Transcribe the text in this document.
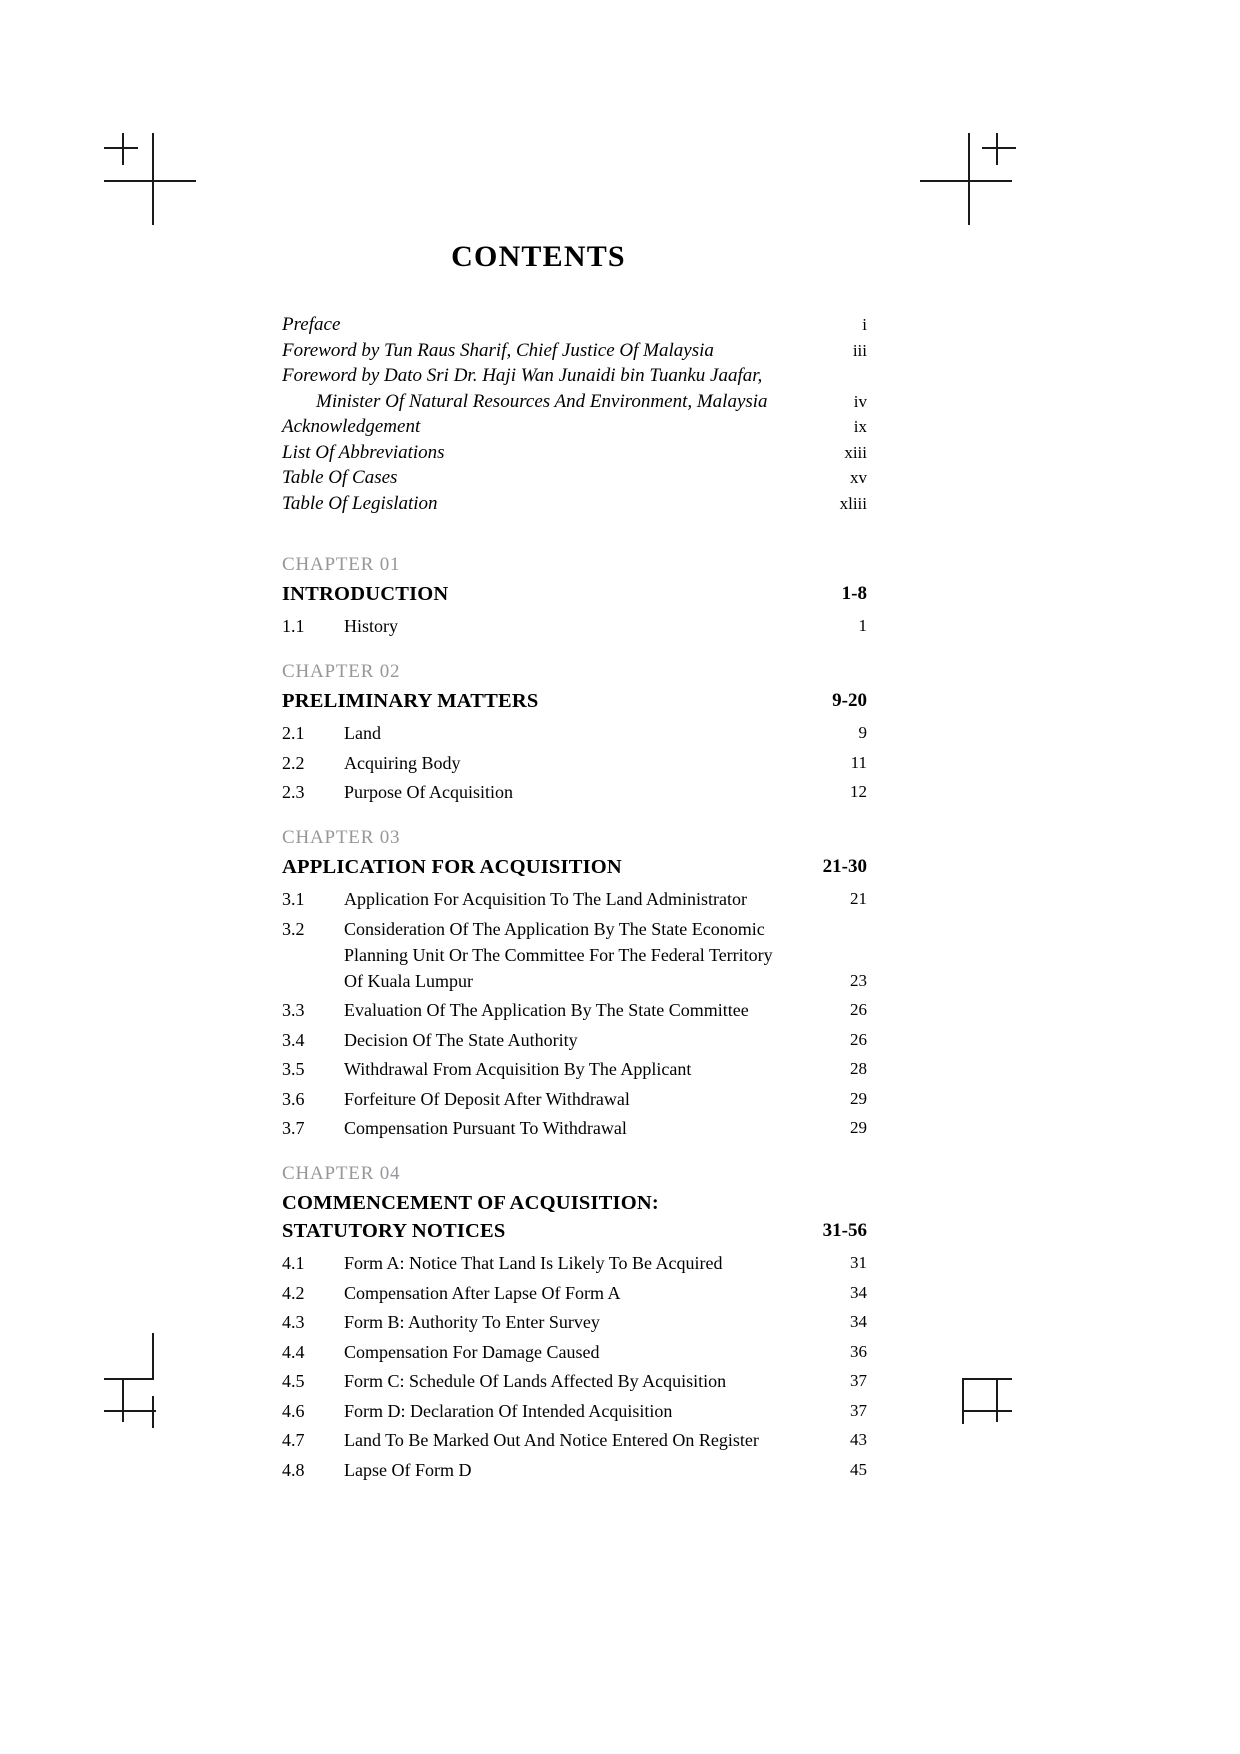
CONTENTS
Preface	i
Foreword by Tun Raus Sharif, Chief Justice Of Malaysia	iii
Foreword by Dato Sri Dr. Haji Wan Junaidi bin Tuanku Jaafar,
Minister Of Natural Resources And Environment, Malaysia	iv
Acknowledgement	ix
List Of Abbreviations	xiii
Table Of Cases	xv
Table Of Legislation	xliii
CHAPTER 01
INTRODUCTION	1-8
1.1	History	1
CHAPTER 02
PRELIMINARY MATTERS	9-20
2.1	Land	9
2.2	Acquiring Body	11
2.3	Purpose Of Acquisition	12
CHAPTER 03
APPLICATION FOR ACQUISITION	21-30
3.1	Application For Acquisition To The Land Administrator	21
3.2	Consideration Of The Application By The State Economic
Planning Unit Or The Committee For The Federal Territory
Of Kuala Lumpur	23
3.3	Evaluation Of The Application By The State Committee	26
3.4	Decision Of The State Authority	26
3.5	Withdrawal From Acquisition By The Applicant	28
3.6	Forfeiture Of Deposit After Withdrawal	29
3.7	Compensation Pursuant To Withdrawal	29
CHAPTER 04
COMMENCEMENT OF ACQUISITION:
STATUTORY NOTICES	31-56
4.1	Form A: Notice That Land Is Likely To Be Acquired	31
4.2	Compensation After Lapse Of Form A	34
4.3	Form B: Authority To Enter Survey	34
4.4	Compensation For Damage Caused	36
4.5	Form C: Schedule Of Lands Affected By Acquisition	37
4.6	Form D: Declaration Of Intended Acquisition	37
4.7	Land To Be Marked Out And Notice Entered On Register	43
4.8	Lapse Of Form D	45
